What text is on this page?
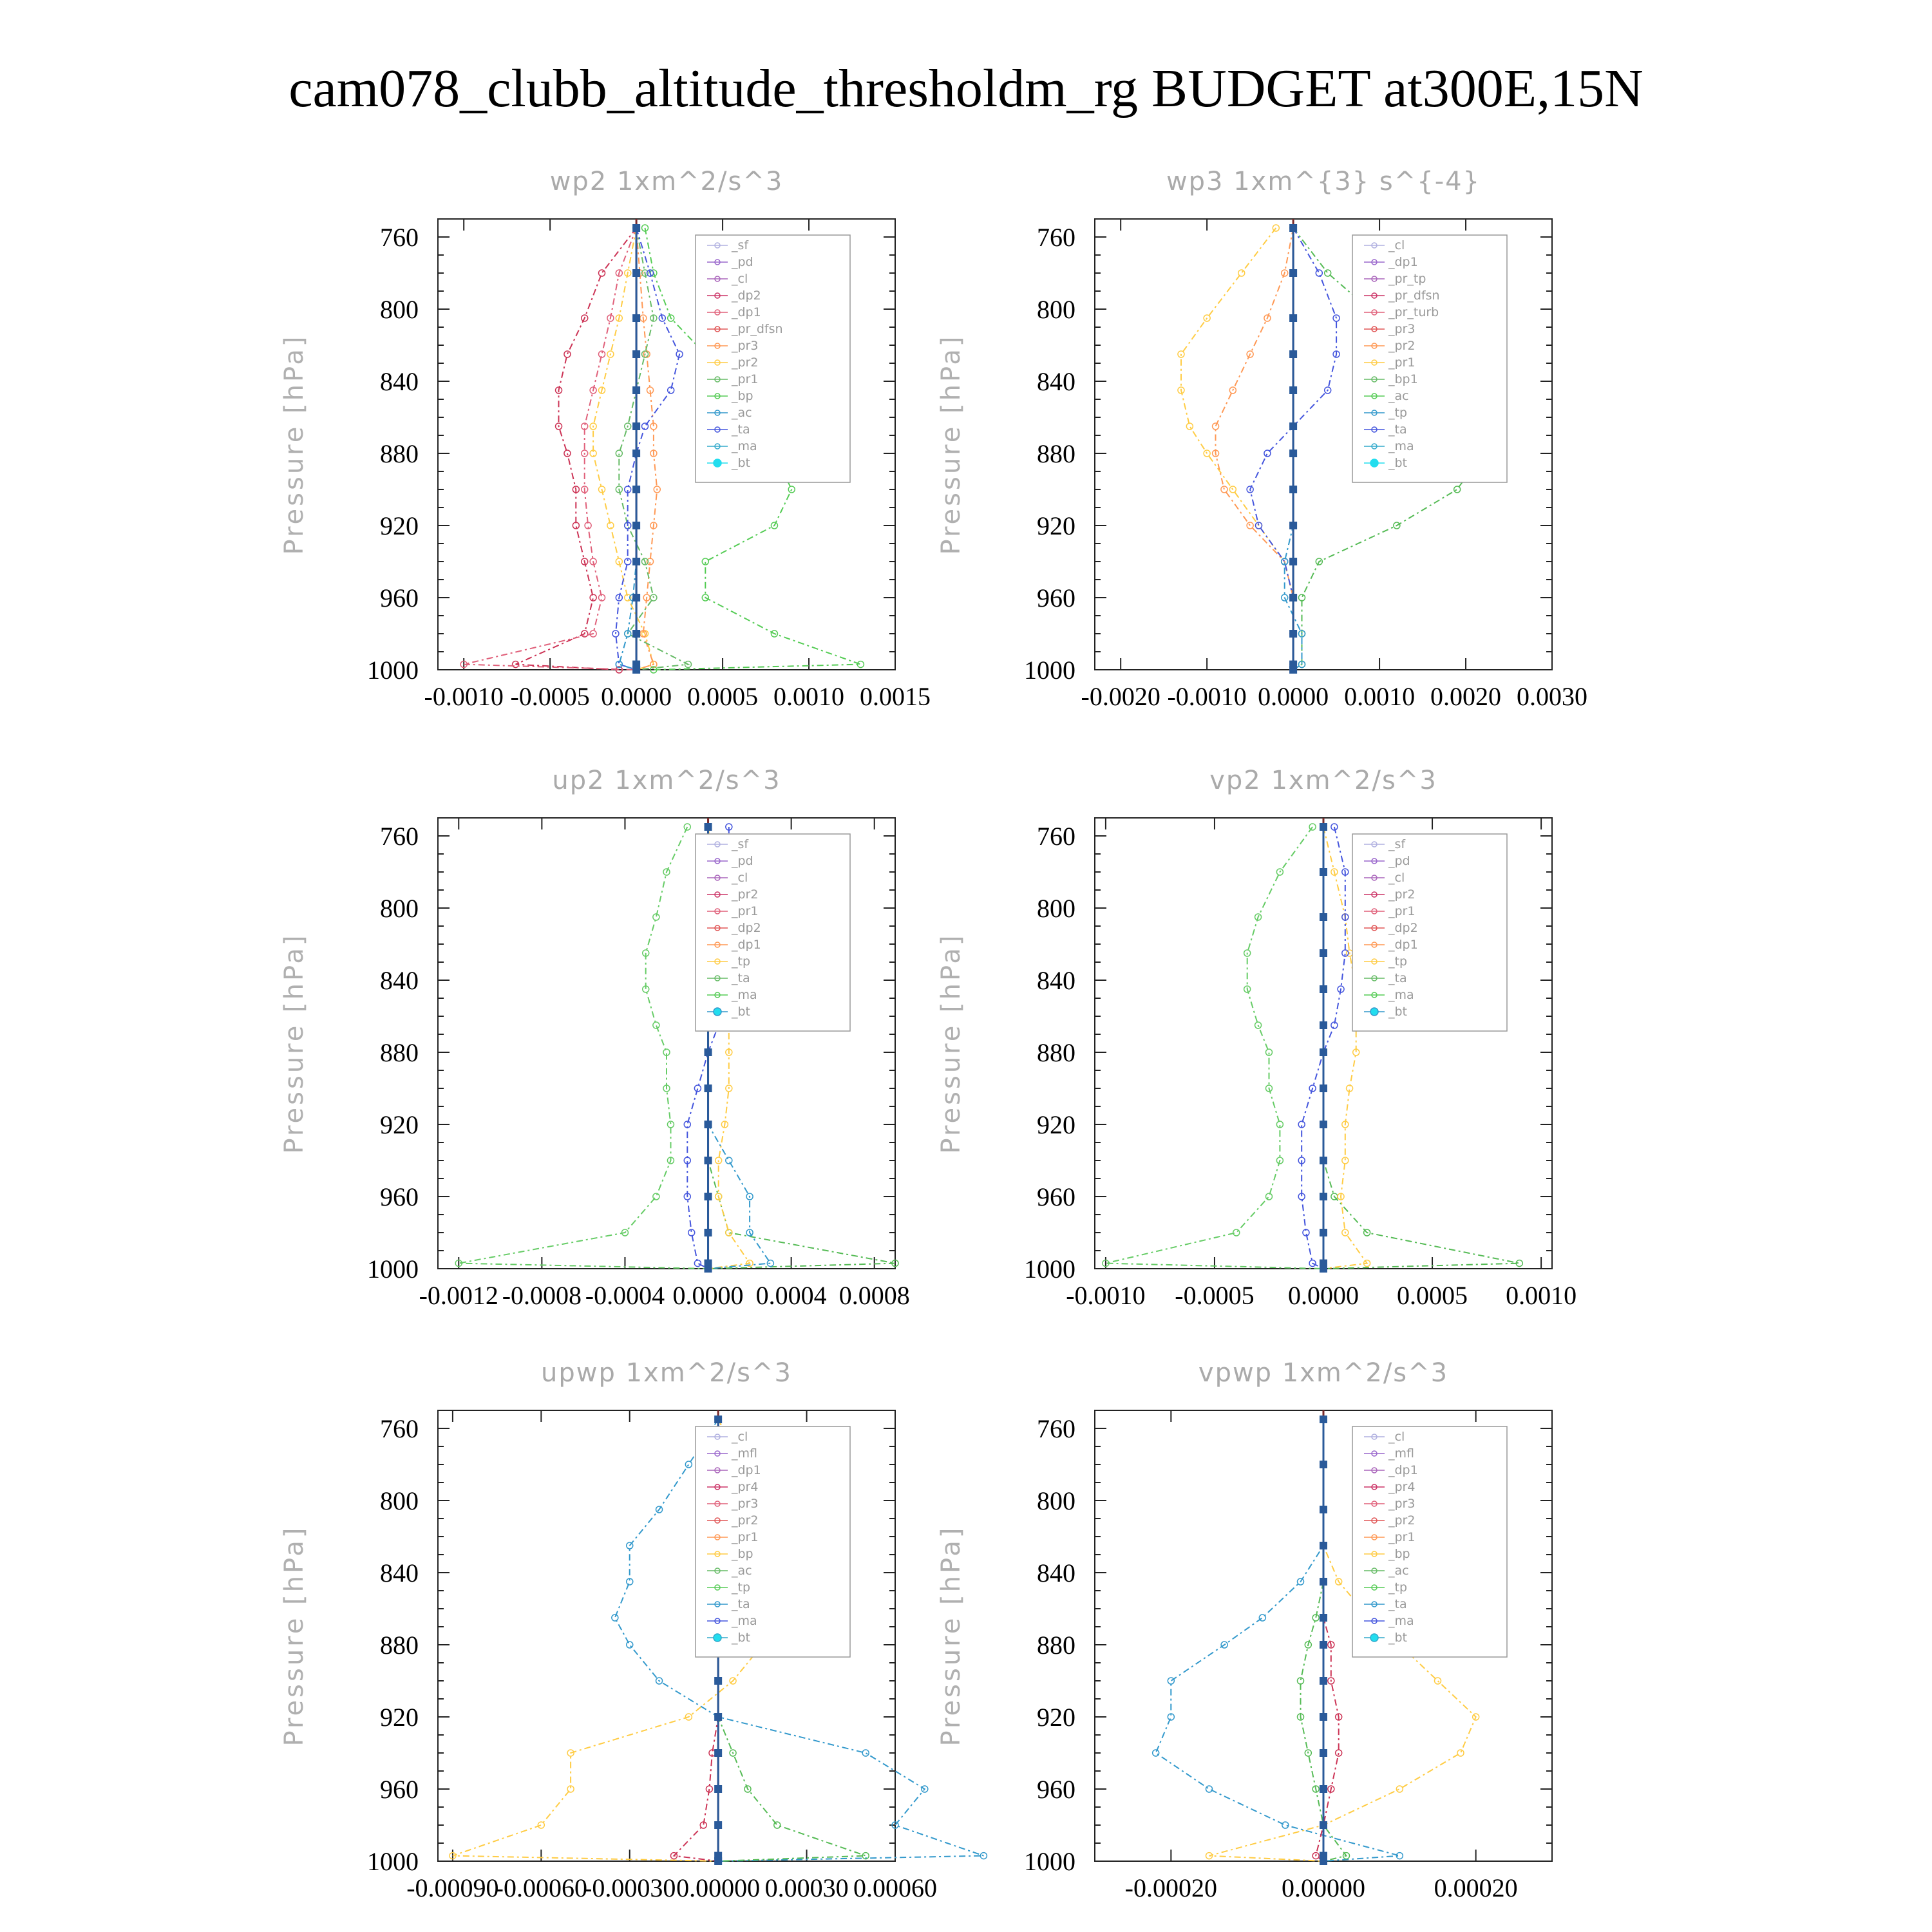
cam078_clubb_altitude_thresholdm_rg BUDGET at300E,15N
wp2 1xm^2/s^3
Pressure [hPa]
760
800
840
880
920
960
1000
-0.0010 -0.0005 0.0000 0.0005 0.0010 0.0015
_sf
_pd
_cl
_dp2
_dp1
_pr_dfsn
_pr3
_pr2
_pr1
_bp
_ac
_ta
_ma
_bt
wp3 1xm^{3} s^{-4}
Pressure [hPa]
760
800
840
880
920
960
1000
-0.0020 -0.0010 0.0000 0.0010 0.0020 0.0030
_cl
_dp1
_pr_tp
_pr_dfsn
_pr_turb
_pr3
_pr2
_pr1
_bp1
_ac
_tp
_ta
_ma
_bt
up2 1xm^2/s^3
Pressure [hPa]
760
800
840
880
920
960
1000
-0.0012 -0.0008 -0.0004 0.0000 0.0004 0.0008
_sf
_pd
_cl
_pr2
_pr1
_dp2
_dp1
_tp
_ta
_ma
_bt
vp2 1xm^2/s^3
Pressure [hPa]
760
800
840
880
920
960
1000
-0.0010 -0.0005 0.0000 0.0005 0.0010
_sf
_pd
_cl
_pr2
_pr1
_dp2
_dp1
_tp
_ta
_ma
_bt
upwp 1xm^2/s^3
Pressure [hPa]
760
800
840
880
920
960
1000
-0.00090
-0.00060
-0.00030 0.00000 0.00030 0.00060
_cl
_mfl
_dp1
_pr4
_pr3
_pr2
_pr1
_bp
_ac
_tp
_ta
_ma
_bt
vpwp 1xm^2/s^3
Pressure [hPa]
760
800
840
880
920
960
1000
-0.00020	0.00000	0.00020
_cl
_mfl
_dp1
_pr4
_pr3
_pr2
_pr1
_bp
_ac
_tp
_ta
_ma
_bt
